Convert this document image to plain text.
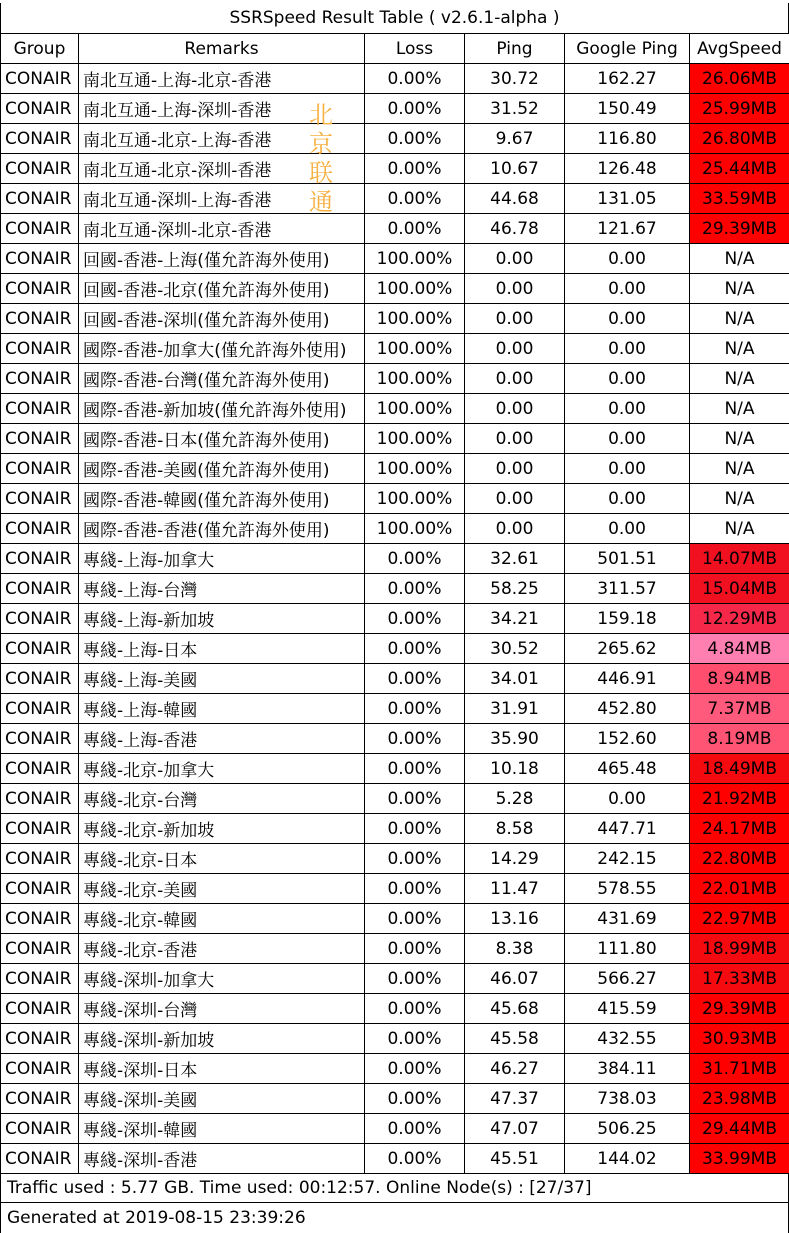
SSRSpeed Result Table ( v2.6.1-alpha )
Group	Remarks	Loss	Ping	Google Ping	AvgSpeed
CONAIR	南北互通-上海-北京-香港	0.00%	30.72	162.27	26.06MB
CONAIR	南北互通-上海-深圳-香港	0.00%	31.52	150.49	25.99MB
CONAIR	南北互通-北京-上海-香港	0.00%	9.67	116.80	26.80MB
CONAIR	南北互通-北京-深圳-香港	0.00%	10.67	126.48	25.44MB
CONAIR	南北互通-深圳-上海-香港	0.00%	44.68	131.05	33.59MB
CONAIR	南北互通-深圳-北京-香港	0.00%	46.78	121.67	29.39MB
CONAIR	回國-香港-上海(僅允許海外使用)	100.00%	0.00	0.00	N/A
CONAIR	回國-香港-北京(僅允許海外使用)	100.00%	0.00	0.00	N/A
CONAIR	回國-香港-深圳(僅允許海外使用)	100.00%	0.00	0.00	N/A
CONAIR	國際-香港-加拿大(僅允許海外使用)	100.00%	0.00	0.00	N/A
CONAIR	國際-香港-台灣(僅允許海外使用)	100.00%	0.00	0.00	N/A
CONAIR	國際-香港-新加坡(僅允許海外使用)	100.00%	0.00	0.00	N/A
CONAIR	國際-香港-日本(僅允許海外使用)	100.00%	0.00	0.00	N/A
CONAIR	國際-香港-美國(僅允許海外使用)	100.00%	0.00	0.00	N/A
CONAIR	國際-香港-韓國(僅允許海外使用)	100.00%	0.00	0.00	N/A
CONAIR	國際-香港-香港(僅允許海外使用)	100.00%	0.00	0.00	N/A
CONAIR	專綫-上海-加拿大	0.00%	32.61	501.51	14.07MB
CONAIR	專綫-上海-台灣	0.00%	58.25	311.57	15.04MB
CONAIR	專綫-上海-新加坡	0.00%	34.21	159.18	12.29MB
CONAIR	專綫-上海-日本	0.00%	30.52	265.62	4.84MB
CONAIR	專綫-上海-美國	0.00%	34.01	446.91	8.94MB
CONAIR	專綫-上海-韓國	0.00%	31.91	452.80	7.37MB
CONAIR	專綫-上海-香港	0.00%	35.90	152.60	8.19MB
CONAIR	專綫-北京-加拿大	0.00%	10.18	465.48	18.49MB
CONAIR	專綫-北京-台灣	0.00%	5.28	0.00	21.92MB
CONAIR	專綫-北京-新加坡	0.00%	8.58	447.71	24.17MB
CONAIR	專綫-北京-日本	0.00%	14.29	242.15	22.80MB
CONAIR	專綫-北京-美國	0.00%	11.47	578.55	22.01MB
CONAIR	專綫-北京-韓國	0.00%	13.16	431.69	22.97MB
CONAIR	專綫-北京-香港	0.00%	8.38	111.80	18.99MB
CONAIR	專綫-深圳-加拿大	0.00%	46.07	566.27	17.33MB
CONAIR	專綫-深圳-台灣	0.00%	45.68	415.59	29.39MB
CONAIR	專綫-深圳-新加坡	0.00%	45.58	432.55	30.93MB
CONAIR	專綫-深圳-日本	0.00%	46.27	384.11	31.71MB
CONAIR	專綫-深圳-美國	0.00%	47.37	738.03	23.98MB
CONAIR	專綫-深圳-韓國	0.00%	47.07	506.25	29.44MB
CONAIR	專綫-深圳-香港	0.00%	45.51	144.02	33.99MB
北
京
联
通
Traffic used : 5.77 GB. Time used: 00:12:57. Online Node(s) : [27/37]
Generated at 2019-08-15 23:39:26
